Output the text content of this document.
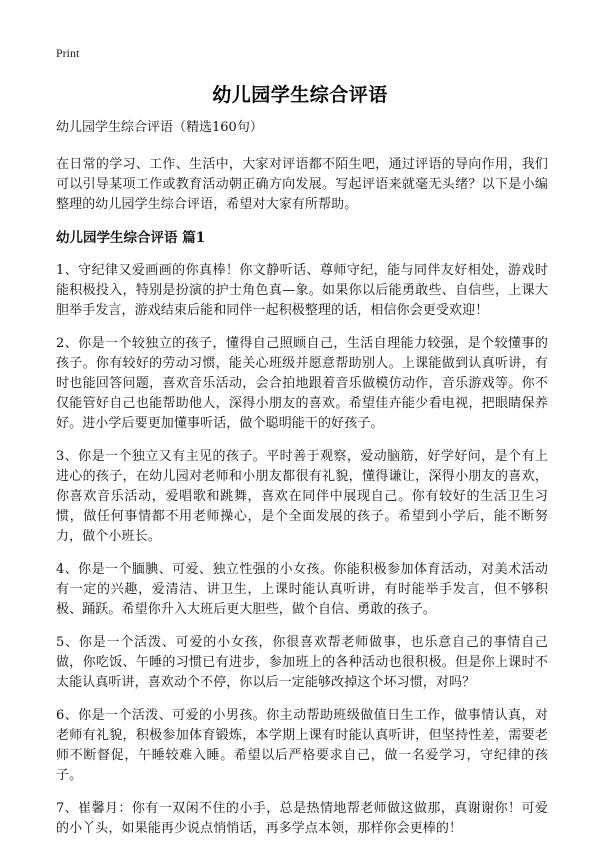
Print
幼儿园学生综合评语
幼儿园学生综合评语（精选160句）

在日常的学习、工作、生活中，大家对评语都不陌生吧，通过评语的导向作用，我们可以引导某项工作或教育活动朝正确方向发展。写起评语来就毫无头绪？以下是小编整理的幼儿园学生综合评语，希望对大家有所帮助。

幼儿园学生综合评语 篇1

1、守纪律又爱画画的你真棒！你文静听话、尊师守纪，能与同伴友好相处，游戏时能积极投入，特别是扮演的护士角色真—象。如果你以后能勇敢些、自信些，上课大胆举手发言，游戏结束后能和同伴一起积极整理的话，相信你会更受欢迎！

2、你是一个较独立的孩子，懂得自己照顾自己，生活自理能力较强，是个较懂事的孩子。你有较好的劳动习惯，能关心班级并愿意帮助别人。上课能做到认真听讲，有时也能回答问题，喜欢音乐活动，会合拍地跟着音乐做模仿动作，音乐游戏等。你不仅能管好自己也能帮助他人，深得小朋友的喜欢。希望佳卉能少看电视，把眼睛保养好。进小学后要更加懂事听话，做个聪明能干的好孩子。

3、你是一个独立又有主见的孩子。平时善于观察，爱动脑筋，好学好问，是个有上进心的孩子，在幼儿园对老师和小朋友都很有礼貌，懂得谦让，深得小朋友的喜欢，你喜欢音乐活动，爱唱歌和跳舞，喜欢在同伴中展现自己。你有较好的生活卫生习惯，做任何事情都不用老师操心，是个全面发展的孩子。希望到小学后，能不断努力，做个小班长。

4、你是一个腼腆、可爱、独立性强的小女孩。你能积极参加体育活动，对美术活动有一定的兴趣，爱清洁、讲卫生，上课时能认真听讲，有时能举手发言，但不够积极、踊跃。希望你升入大班后更大胆些，做个自信、勇敢的孩子。

5、你是一个活泼、可爱的小女孩，你很喜欢帮老师做事，也乐意自己的事情自己做，你吃饭、午睡的习惯已有进步，参加班上的各种活动也很积极。但是你上课时不太能认真听讲，喜欢动个不停，你以后一定能够改掉这个坏习惯，对吗？

6、你是一个活泼、可爱的小男孩。你主动帮助班级做值日生工作，做事情认真，对老师有礼貌，积极参加体育锻炼，本学期上课有时能认真听讲，但坚持性差，需要老师不断督促，午睡较难入睡。希望以后严格要求自己，做一名爱学习，守纪律的孩子。

7、崔馨月：你有一双闲不住的小手，总是热情地帮老师做这做那，真谢谢你！可爱的小丫头，如果能再少说点悄悄话，再多学点本领，那样你会更棒的！
